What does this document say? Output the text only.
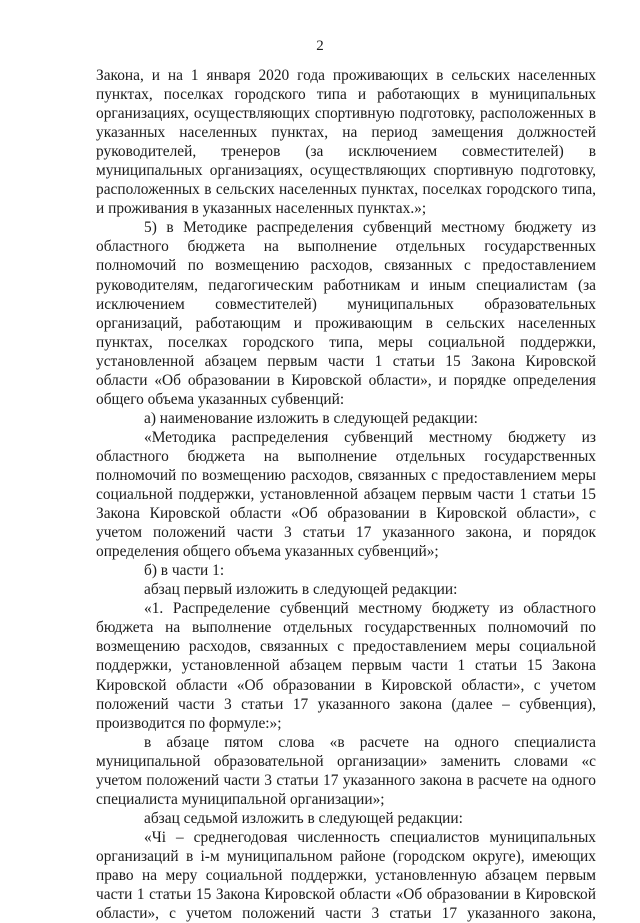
2

Закона, и на 1 января 2020 года проживающих в сельских населенных пунктах, поселках городского типа и работающих в муниципальных организациях, осуществляющих спортивную подготовку, расположенных в указанных населенных пунктах, на период замещения должностей руководителей, тренеров (за исключением совместителей) в муниципальных организациях, осуществляющих спортивную подготовку, расположенных в сельских населенных пунктах, поселках городского типа, и проживания в указанных населенных пунктах.»;

5) в Методике распределения субвенций местному бюджету из областного бюджета на выполнение отдельных государственных полномочий по возмещению расходов, связанных с предоставлением руководителям, педагогическим работникам и иным специалистам (за исключением совместителей) муниципальных образовательных организаций, работающим и проживающим в сельских населенных пунктах, поселках городского типа, меры социальной поддержки, установленной абзацем первым части 1 статьи 15 Закона Кировской области «Об образовании в Кировской области», и порядке определения общего объема указанных субвенций:

а) наименование изложить в следующей редакции:

«Методика распределения субвенций местному бюджету из областного бюджета на выполнение отдельных государственных полномочий по возмещению расходов, связанных с предоставлением меры социальной поддержки, установленной абзацем первым части 1 статьи 15 Закона Кировской области «Об образовании в Кировской области», с учетом положений части 3 статьи 17 указанного закона, и порядок определения общего объема указанных субвенций»;

б) в части 1:

абзац первый изложить в следующей редакции:

«1. Распределение субвенций местному бюджету из областного бюджета на выполнение отдельных государственных полномочий по возмещению расходов, связанных с предоставлением меры социальной поддержки, установленной абзацем первым части 1 статьи 15 Закона Кировской области «Об образовании в Кировской области», с учетом положений части 3 статьи 17 указанного закона (далее – субвенция), производится по формуле:»;

в абзаце пятом слова «в расчете на одного специалиста муниципальной образовательной организации» заменить словами «с учетом положений части 3 статьи 17 указанного закона в расчете на одного специалиста муниципальной организации»;

абзац седьмой изложить в следующей редакции:

«Чi – среднегодовая численность специалистов муниципальных организаций в i-м муниципальном районе (городском округе), имеющих право на меру социальной поддержки, установленную абзацем первым части 1 статьи 15 Закона Кировской области «Об образовании в Кировской области», с учетом положений части 3 статьи 17 указанного закона,
